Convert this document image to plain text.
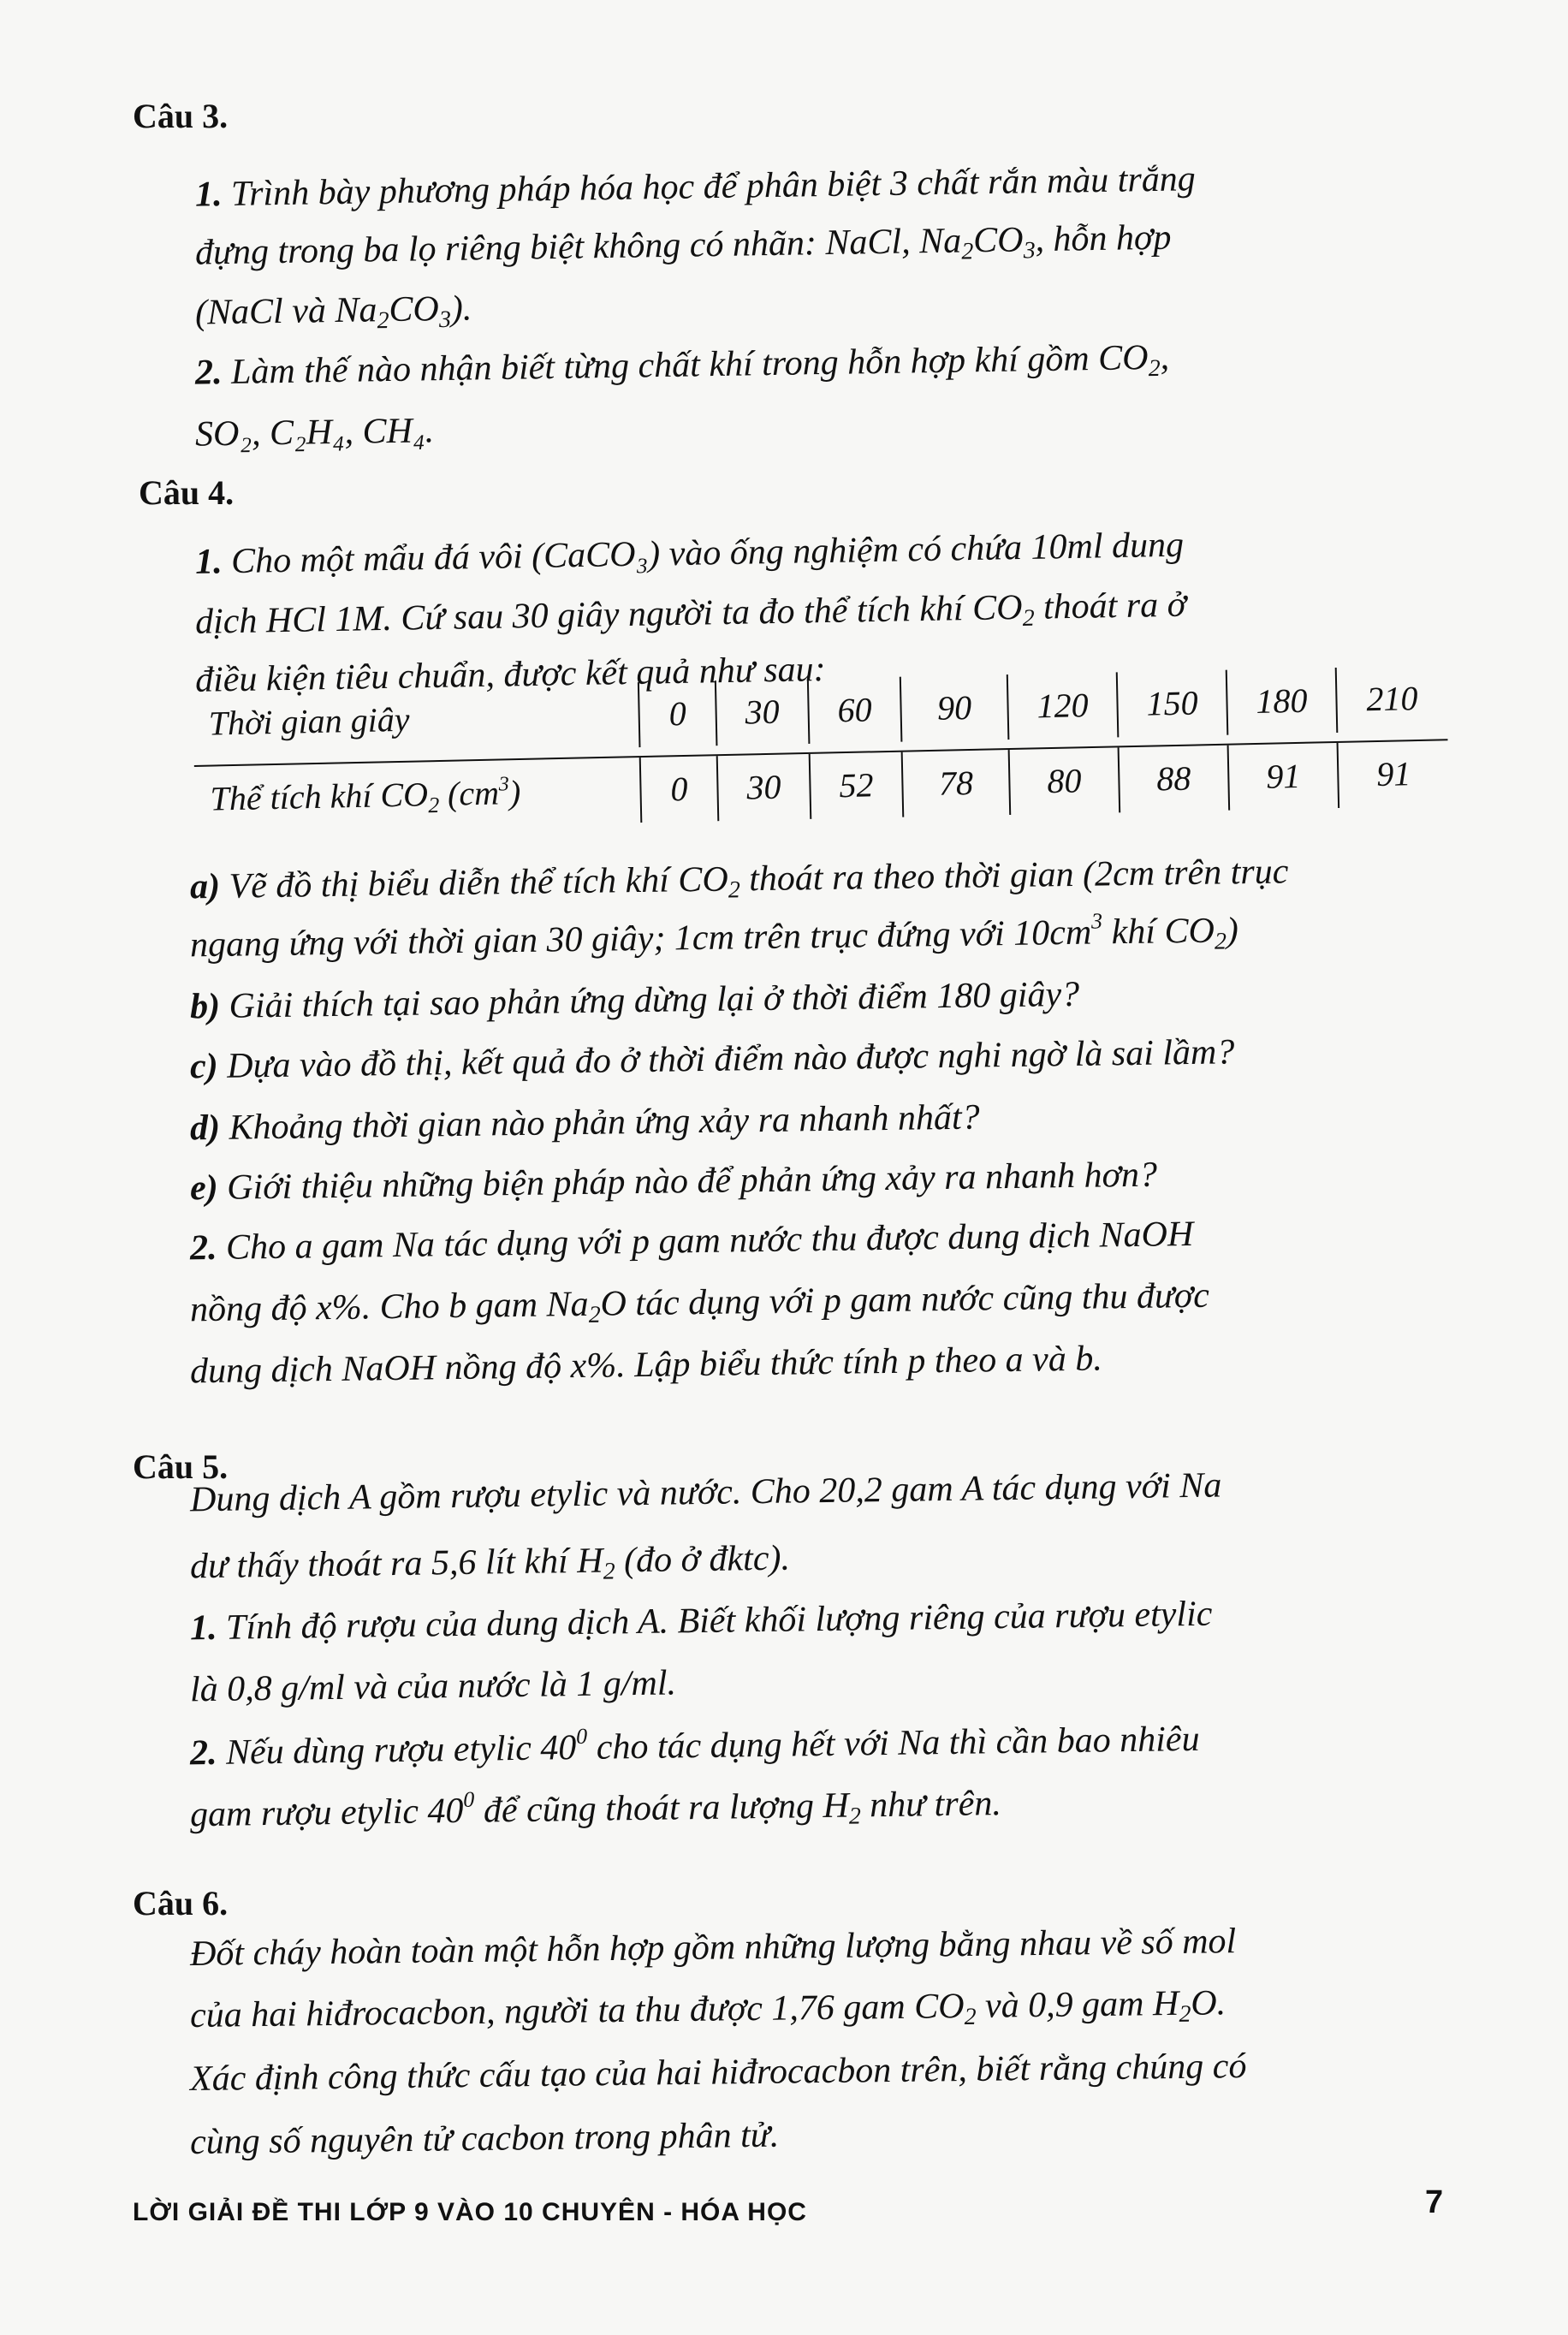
Câu 3.
1. Trình bày phương pháp hóa học để phân biệt 3 chất rắn màu trắng
đựng trong ba lọ riêng biệt không có nhãn: NaCl, $Na_2CO_3$, hỗn hợp
(NaCl và $Na_2CO_3$).
2. Làm thế nào nhận biết từng chất khí trong hỗn hợp khí gồm $CO_2$,
SO₂, C₂H₄, CH₄.
Câu 4.
1. Cho một mẩu đá vôi (CaCO₃) vào ống nghiệm có chứa 10ml dung
dịch HCl 1M. Cứ sau 30 giây người ta đo thể tích khí $CO_2$ thoát ra ở
điều kiện tiêu chuẩn, được kết quả như sau:
Thời gian giây	0	30	60	90	120	150	180	210
Thể tích khí $CO_2$ $(cm^3)$	0	30	52	78	80	88	91	91
a) Vẽ đồ thị biểu diễn thể tích khí $CO_2$ thoát ra theo thời gian (2cm trên trục
ngang ứng với thời gian 30 giây; 1cm trên trục đứng với $10cm^3$ khí $CO_2$)
b) Giải thích tại sao phản ứng dừng lại ở thời điểm 180 giây?
c) Dựa vào đồ thị, kết quả đo ở thời điểm nào được nghi ngờ là sai lầm?
d) Khoảng thời gian nào phản ứng xảy ra nhanh nhất?
e) Giới thiệu những biện pháp nào để phản ứng xảy ra nhanh hơn?
2. Cho a gam Na tác dụng với p gam nước thu được dung dịch NaOH
nồng độ x%. Cho b gam $Na_2O$ tác dụng với p gam nước cũng thu được
dung dịch NaOH nồng độ x%. Lập biểu thức tính p theo a và b.
Câu 5.
Dung dịch A gồm rượu etylic và nước. Cho 20,2 gam A tác dụng với Na
dư thấy thoát ra 5,6 lít khí $H_2$ (đo ở đktc).
1. Tính độ rượu của dung dịch A. Biết khối lượng riêng của rượu etylic
là 0,8 g/ml và của nước là 1 g/ml.
2. Nếu dùng rượu etylic $40^0$ cho tác dụng hết với Na thì cần bao nhiêu
gam rượu etylic $40^0$ để cũng thoát ra lượng $H_2$ như trên.
Câu 6.
Đốt cháy hoàn toàn một hỗn hợp gồm những lượng bằng nhau về số mol
của hai hiđrocacbon, người ta thu được 1,76 gam $CO_2$ và 0,9 gam $H_2O$.
Xác định công thức cấu tạo của hai hiđrocacbon trên, biết rằng chúng có
cùng số nguyên tử cacbon trong phân tử.
LỜI GIẢI ĐỀ THI LỚP 9 VÀO 10 CHUYÊN - HÓA HỌC	7
